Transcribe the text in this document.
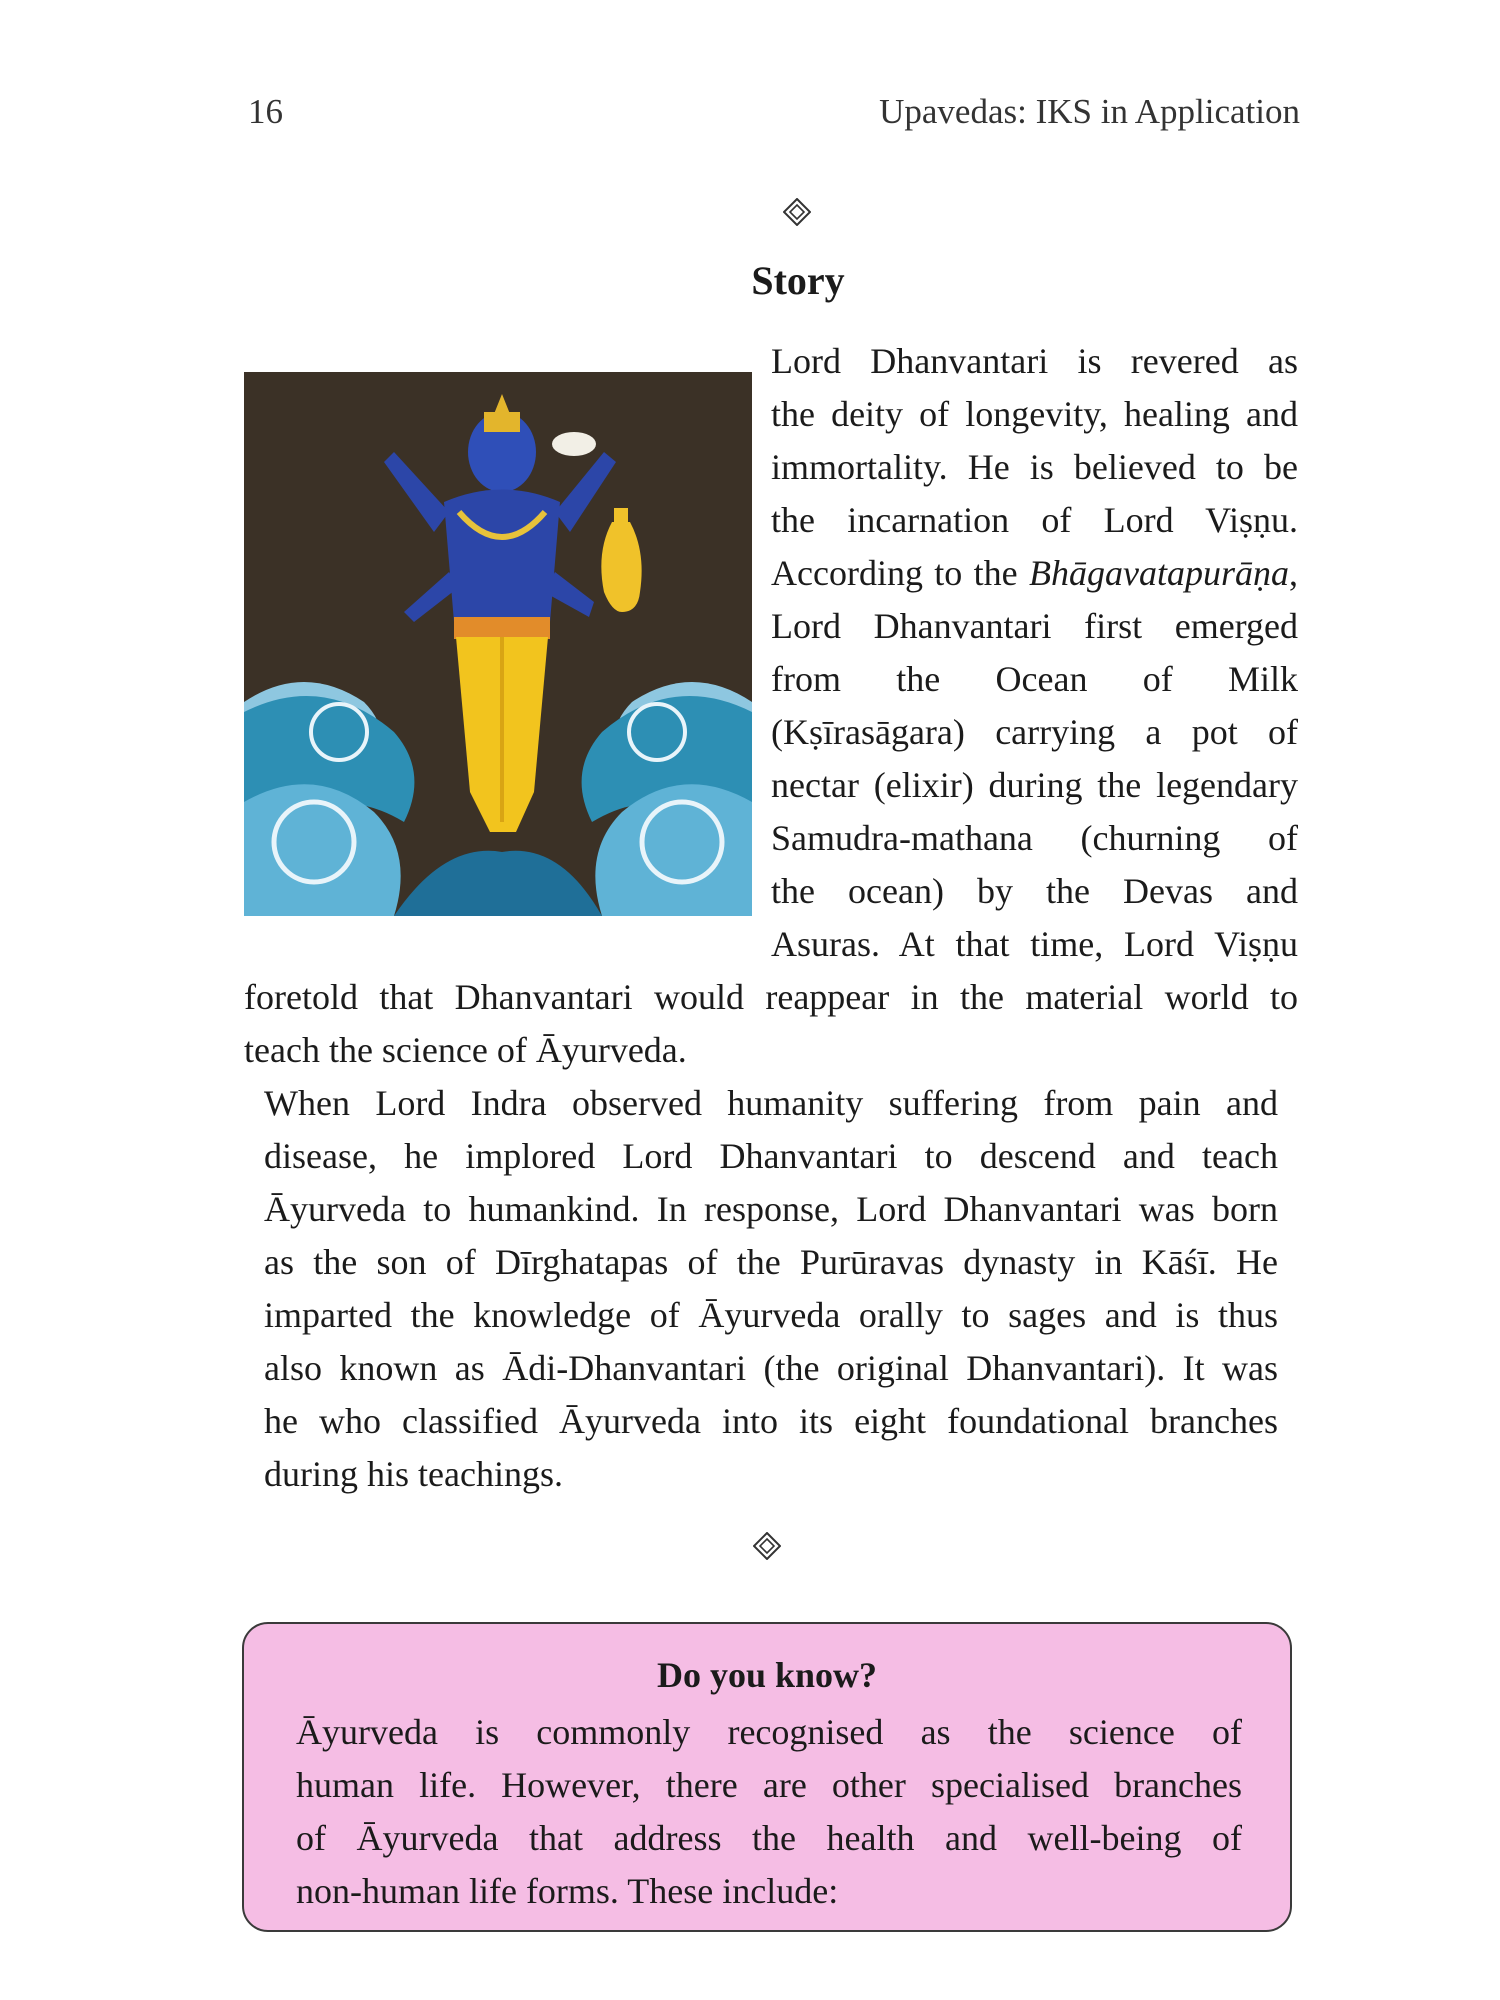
16	Upavedas: IKS in Application
Story
Lord Dhanvantari is revered as
the deity of longevity, healing and
immortality. He is believed to be
the incarnation of Lord Viṣṇu.
According to the Bhāgavatapurāṇa,
Lord Dhanvantari first emerged
from the Ocean of Milk
(Kṣīrasāgara) carrying a pot of
nectar (elixir) during the legendary
Samudra-mathana (churning of
the ocean) by the Devas and
Asuras. At that time, Lord Viṣṇu
foretold that Dhanvantari would reappear in the material world to
teach the science of Āyurveda.
When Lord Indra observed humanity suffering from pain and
disease, he implored Lord Dhanvantari to descend and teach
Āyurveda to humankind. In response, Lord Dhanvantari was born
as the son of Dīrghatapas of the Purūravas dynasty in Kāśī. He
imparted the knowledge of Āyurveda orally to sages and is thus
also known as Ādi-Dhanvantari (the original Dhanvantari). It was
he who classified Āyurveda into its eight foundational branches
during his teachings.
Do you know?
Āyurveda is commonly recognised as the science of
human life. However, there are other specialised branches
of Āyurveda that address the health and well-being of
non-human life forms. These include:
